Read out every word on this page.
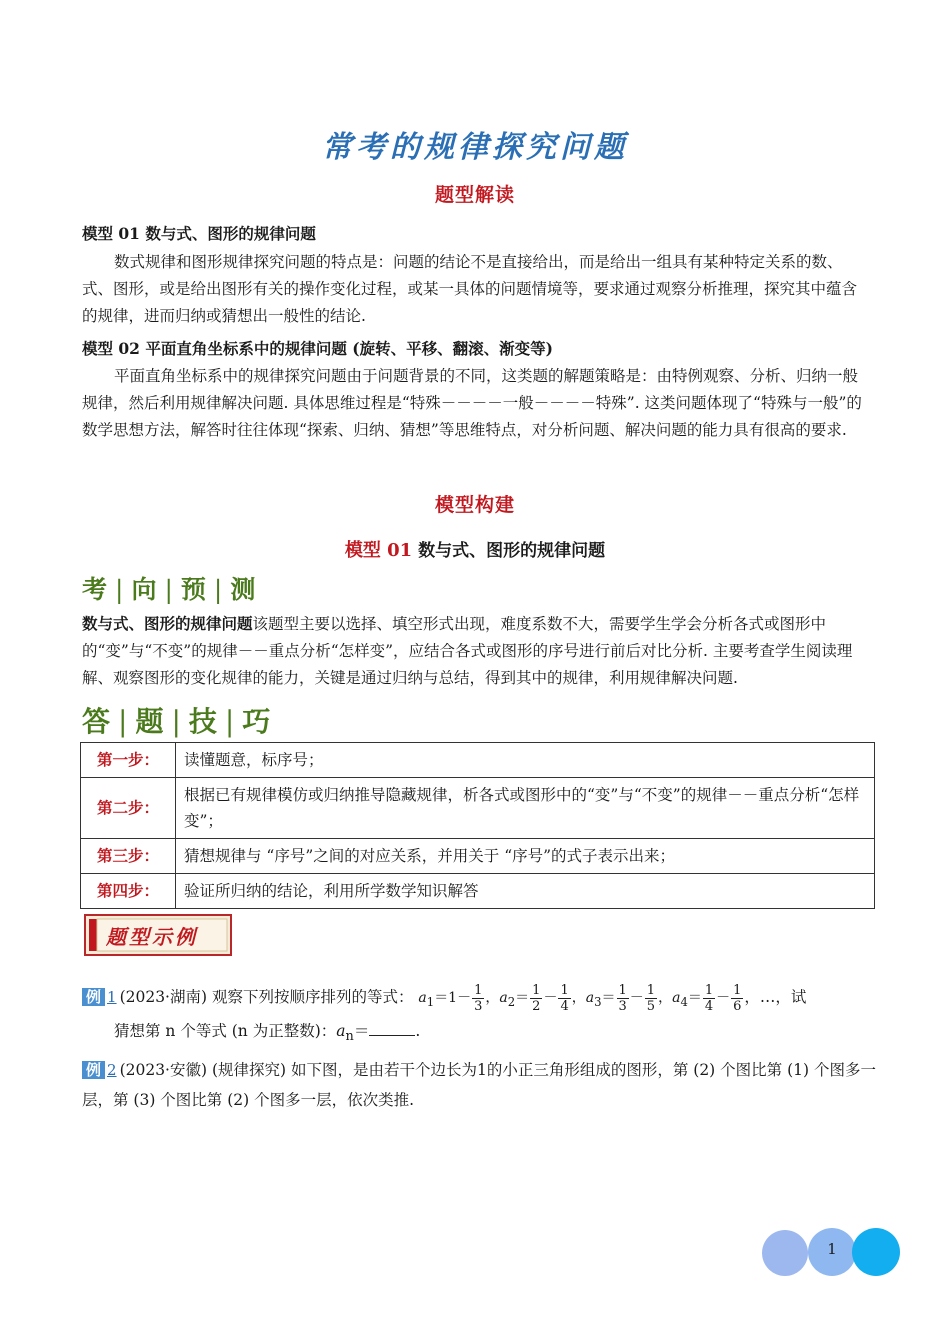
常考的规律探究问题
题型解读
模型 01 数与式、图形的规律问题
数式规律和图形规律探究问题的特点是：问题的结论不是直接给出，而是给出一组具有某种特定关系的数、式、图形，或是给出图形有关的操作变化过程，或某一具体的问题情境等，要求通过观察分析推理，探究其中蕴含的规律，进而归纳或猜想出一般性的结论.
模型 02 平面直角坐标系中的规律问题 (旋转、平移、翻滚、渐变等)
平面直角坐标系中的规律探究问题由于问题背景的不同，这类题的解题策略是：由特例观察、分析、归纳一般规律，然后利用规律解决问题. 具体思维过程是“特殊－－－－一般－－－－特殊”. 这类问题体现了“特殊与一般”的数学思想方法，解答时往往体现“探索、归纳、猜想”等思维特点，对分析问题、解决问题的能力具有很高的要求.
模型构建
模型 01 数与式、图形的规律问题
考 | 向 | 预 | 测
数与式、图形的规律问题该题型主要以选择、填空形式出现，难度系数不大，需要学生学会分析各式或图形中的“变”与“不变”的规律－－重点分析“怎样变”，应结合各式或图形的序号进行前后对比分析. 主要考查学生阅读理解、观察图形的变化规律的能力，关键是通过归纳与总结，得到其中的规律，利用规律解决问题.
答 | 题 | 技 | 巧
第一步：	读懂题意，标序号；
第二步：	根据已有规律模仿或归纳推导隐藏规律，析各式或图形中的“变”与“不变”的规律－－重点分析“怎样变”；
第三步：	猜想规律与 “序号”之间的对应关系，并用关于 “序号”的式子表示出来；
第四步：	验证所归纳的结论，利用所学数学知识解答
题型示例
例 1 (2023·湖南) 观察下列按顺序排列的等式： $a_1=1- \frac{1}{3}$ ，$a_2= \frac{1}{2} - \frac{1}{4}$ ，$a_3= \frac{1}{3} - \frac{1}{5}$ ，$a_4= \frac{1}{4} - \frac{1}{6}$ ，…，试
猜想第 n 个等式 (n 为正整数)：$a_n=$	.
例 2 (2023·安徽) (规律探究) 如下图，是由若干个边长为1的小正三角形组成的图形，第 (2) 个图比第 (1) 个图多一层，第 (3) 个图比第 (2) 个图多一层，依次类推.
1
